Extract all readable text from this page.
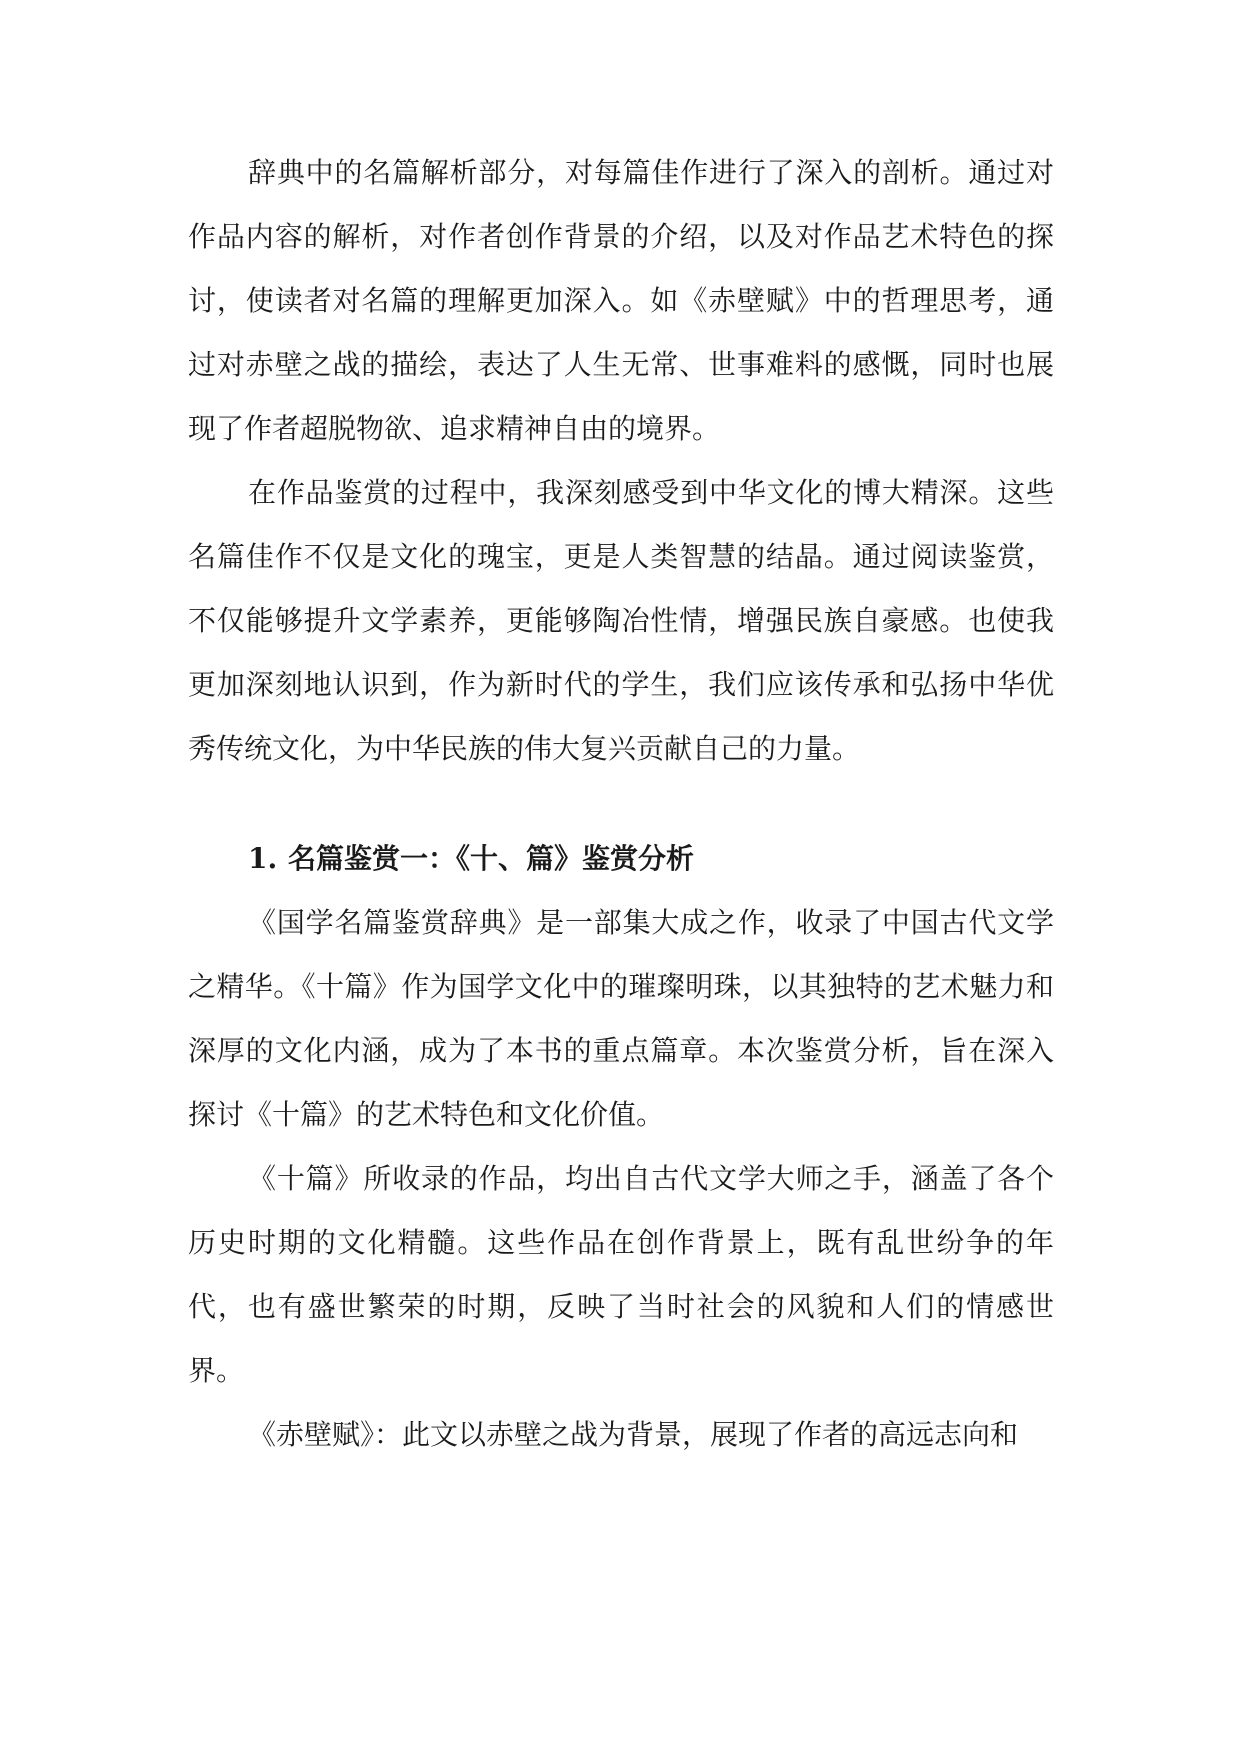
辞典中的名篇解析部分，对每篇佳作进行了深入的剖析。通过对作品内容的解析，对作者创作背景的介绍，以及对作品艺术特色的探讨，使读者对名篇的理解更加深入。如《赤壁赋》中的哲理思考，通过对赤壁之战的描绘，表达了人生无常、世事难料的感慨，同时也展现了作者超脱物欲、追求精神自由的境界。

在作品鉴赏的过程中，我深刻感受到中华文化的博大精深。这些名篇佳作不仅是文化的瑰宝，更是人类智慧的结晶。通过阅读鉴赏，不仅能够提升文学素养，更能够陶冶性情，增强民族自豪感。也使我更加深刻地认识到，作为新时代的学生，我们应该传承和弘扬中华优秀传统文化，为中华民族的伟大复兴贡献自己的力量。

1. 名篇鉴赏一：《十、篇》鉴赏分析

《国学名篇鉴赏辞典》是一部集大成之作，收录了中国古代文学之精华。《十篇》作为国学文化中的璀璨明珠，以其独特的艺术魅力和深厚的文化内涵，成为了本书的重点篇章。本次鉴赏分析，旨在深入探讨《十篇》的艺术特色和文化价值。

《十篇》所收录的作品，均出自古代文学大师之手，涵盖了各个历史时期的文化精髓。这些作品在创作背景上，既有乱世纷争的年代，也有盛世繁荣的时期，反映了当时社会的风貌和人们的情感世界。

《赤壁赋》：此文以赤壁之战为背景，展现了作者的高远志向和
